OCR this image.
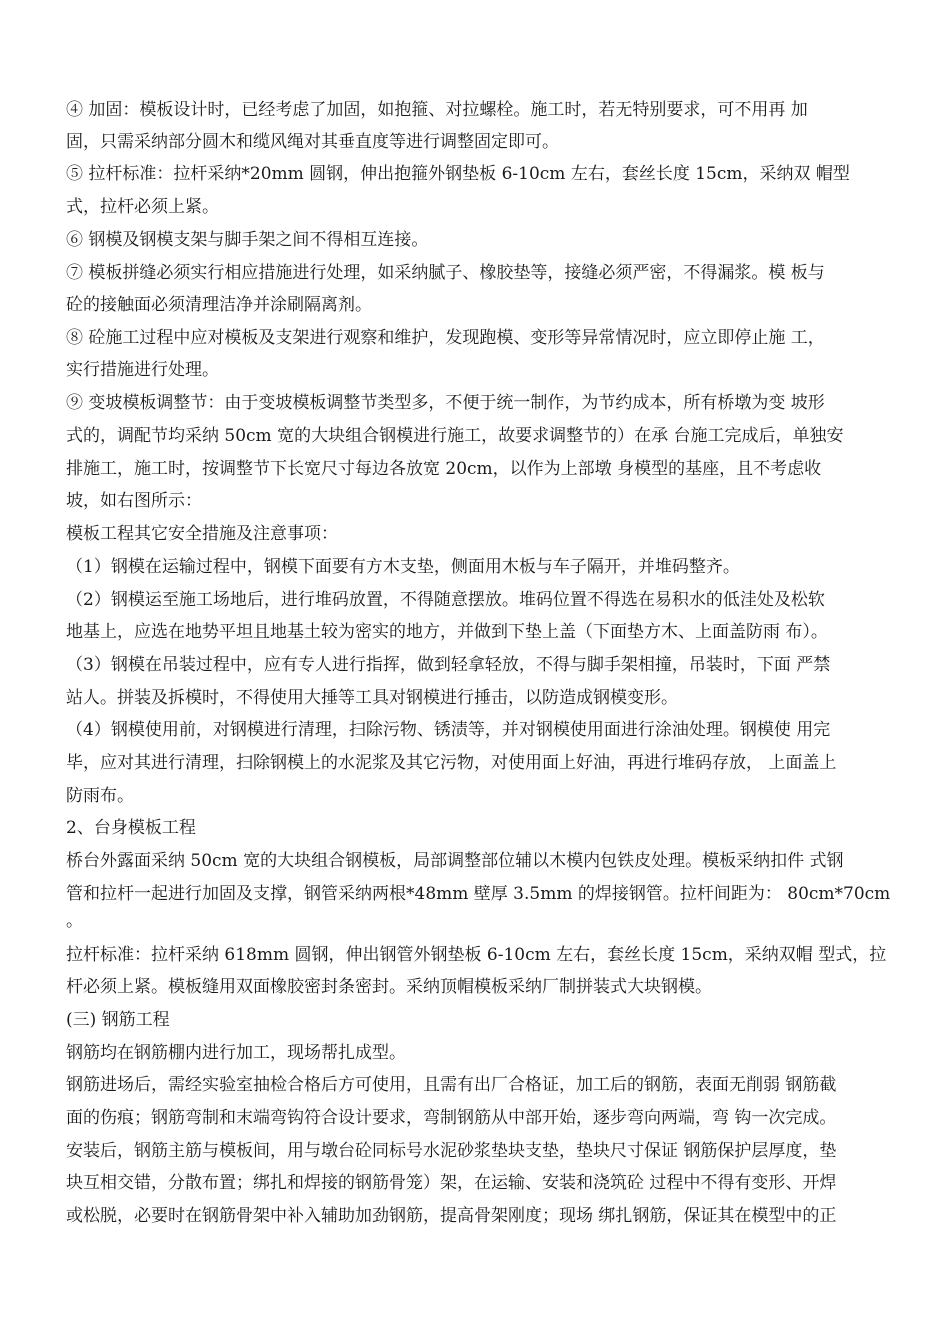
④ 加固：模板设计时，已经考虑了加固，如抱箍、对拉螺栓。施工时，若无特别要求，可不用再 加
固，只需采纳部分圆木和缆风绳对其垂直度等进行调整固定即可。
⑤ 拉杆标准：拉杆采纳*20mm 圆钢，伸出抱箍外钢垫板 6-10cm 左右，套丝长度 15cm，采纳双 帽型
式，拉杆必须上紧。
⑥ 钢模及钢模支架与脚手架之间不得相互连接。
⑦ 模板拼缝必须实行相应措施进行处理，如采纳腻子、橡胶垫等，接缝必须严密，不得漏浆。模 板与
砼的接触面必须清理洁净并涂刷隔离剂。
⑧ 砼施工过程中应对模板及支架进行观察和维护，发现跑模、变形等异常情况时，应立即停止施 工，
实行措施进行处理。
⑨ 变坡模板调整节：由于变坡模板调整节类型多，不便于统一制作，为节约成本，所有桥墩为变 坡形
式的，调配节均采纳 50cm 宽的大块组合钢模进行施工，故要求调整节的）在承 台施工完成后，单独安
排施工，施工时，按调整节下长宽尺寸每边各放宽 20cm，以作为上部墩 身模型的基座，且不考虑收
坡，如右图所示：
模板工程其它安全措施及注意事项：
（1）钢模在运输过程中，钢模下面要有方木支垫，侧面用木板与车子隔开，并堆码整齐。
（2）钢模运至施工场地后，进行堆码放置，不得随意摆放。堆码位置不得选在易积水的低洼处及松软
地基上，应选在地势平坦且地基土较为密实的地方，并做到下垫上盖（下面垫方木、上面盖防雨 布）。
（3）钢模在吊装过程中，应有专人进行指挥，做到轻拿轻放，不得与脚手架相撞，吊装时，下面 严禁
站人。拼装及拆模时，不得使用大捶等工具对钢模进行捶击，以防造成钢模变形。
（4）钢模使用前，对钢模进行清理，扫除污物、锈渍等，并对钢模使用面进行涂油处理。钢模使 用完
毕，应对其进行清理，扫除钢模上的水泥浆及其它污物，对使用面上好油，再进行堆码存放， 上面盖上
防雨布。
2、台身模板工程
桥台外露面采纳 50cm 宽的大块组合钢模板，局部调整部位辅以木模内包铁皮处理。模板采纳扣件 式钢
管和拉杆一起进行加固及支撑，钢管采纳两根*48mm 壁厚 3.5mm 的焊接钢管。拉杆间距为： 80cm*70cm
。
拉杆标准：拉杆采纳 618mm 圆钢，伸出钢管外钢垫板 6-10cm 左右，套丝长度 15cm，采纳双帽 型式，拉
杆必须上紧。模板缝用双面橡胶密封条密封。采纳顶帽模板采纳厂制拼装式大块钢模。
(三) 钢筋工程
钢筋均在钢筋棚内进行加工，现场帮扎成型。
钢筋进场后，需经实验室抽检合格后方可使用，且需有出厂合格证，加工后的钢筋，表面无削弱 钢筋截
面的伤痕；钢筋弯制和末端弯钩符合设计要求，弯制钢筋从中部开始，逐步弯向两端，弯 钩一次完成。
安装后，钢筋主筋与模板间，用与墩台砼同标号水泥砂浆垫块支垫，垫块尺寸保证 钢筋保护层厚度，垫
块互相交错，分散布置；绑扎和焊接的钢筋骨笼）架，在运输、安装和浇筑砼 过程中不得有变形、开焊
或松脱，必要时在钢筋骨架中补入辅助加劲钢筋，提高骨架刚度；现场 绑扎钢筋，保证其在模型中的正
